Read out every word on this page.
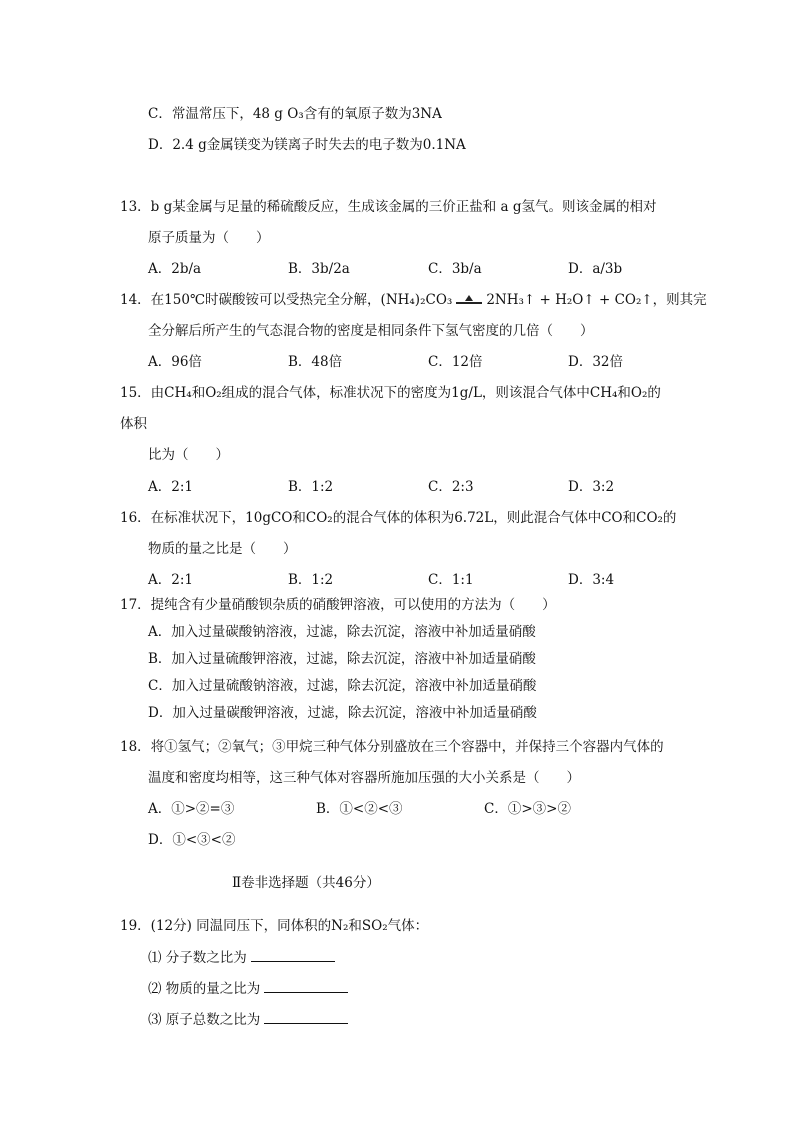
C．常温常压下，48 g O₃含有的氧原子数为3NA
D．2.4 g金属镁变为镁离子时失去的电子数为0.1NA
13．b g某金属与足量的稀硫酸反应，生成该金属的三价正盐和 a g氢气。则该金属的相对
原子质量为（　　）
A．2b/a	B．3b/2a	C．3b/a	D．a/3b
14．在150℃时碳酸铵可以受热完全分解，(NH₄)₂CO₃	2NH₃↑ + H₂O↑ + CO₂↑，则其完
全分解后所产生的气态混合物的密度是相同条件下氢气密度的几倍（　　）
A．96倍	B．48倍	C．12倍	D．32倍
15．由CH₄和O₂组成的混合气体，标准状况下的密度为1g/L，则该混合气体中CH₄和O₂的
体积
比为（　　）
A．2:1	B．1:2	C．2:3	D．3:2
16．在标准状况下，10gCO和CO₂的混合气体的体积为6.72L，则此混合气体中CO和CO₂的
物质的量之比是（　　）
A．2:1	B．1:2	C．1:1	D．3:4
17．提纯含有少量硝酸钡杂质的硝酸钾溶液，可以使用的方法为（　　）
A．加入过量碳酸钠溶液，过滤，除去沉淀，溶液中补加适量硝酸
B．加入过量硫酸钾溶液，过滤，除去沉淀，溶液中补加适量硝酸
C．加入过量硫酸钠溶液，过滤，除去沉淀，溶液中补加适量硝酸
D．加入过量碳酸钾溶液，过滤，除去沉淀，溶液中补加适量硝酸
18．将①氢气；②氧气；③甲烷三种气体分别盛放在三个容器中，并保持三个容器内气体的
温度和密度均相等，这三种气体对容器所施加压强的大小关系是（　　）
A．①>②=③	B．①<②<③	C．①>③>②
D．①<③<②
Ⅱ卷非选择题（共46分）
19．(12分) 同温同压下，同体积的N₂和SO₂气体：
⑴ 分子数之比为
⑵ 物质的量之比为
⑶ 原子总数之比为
